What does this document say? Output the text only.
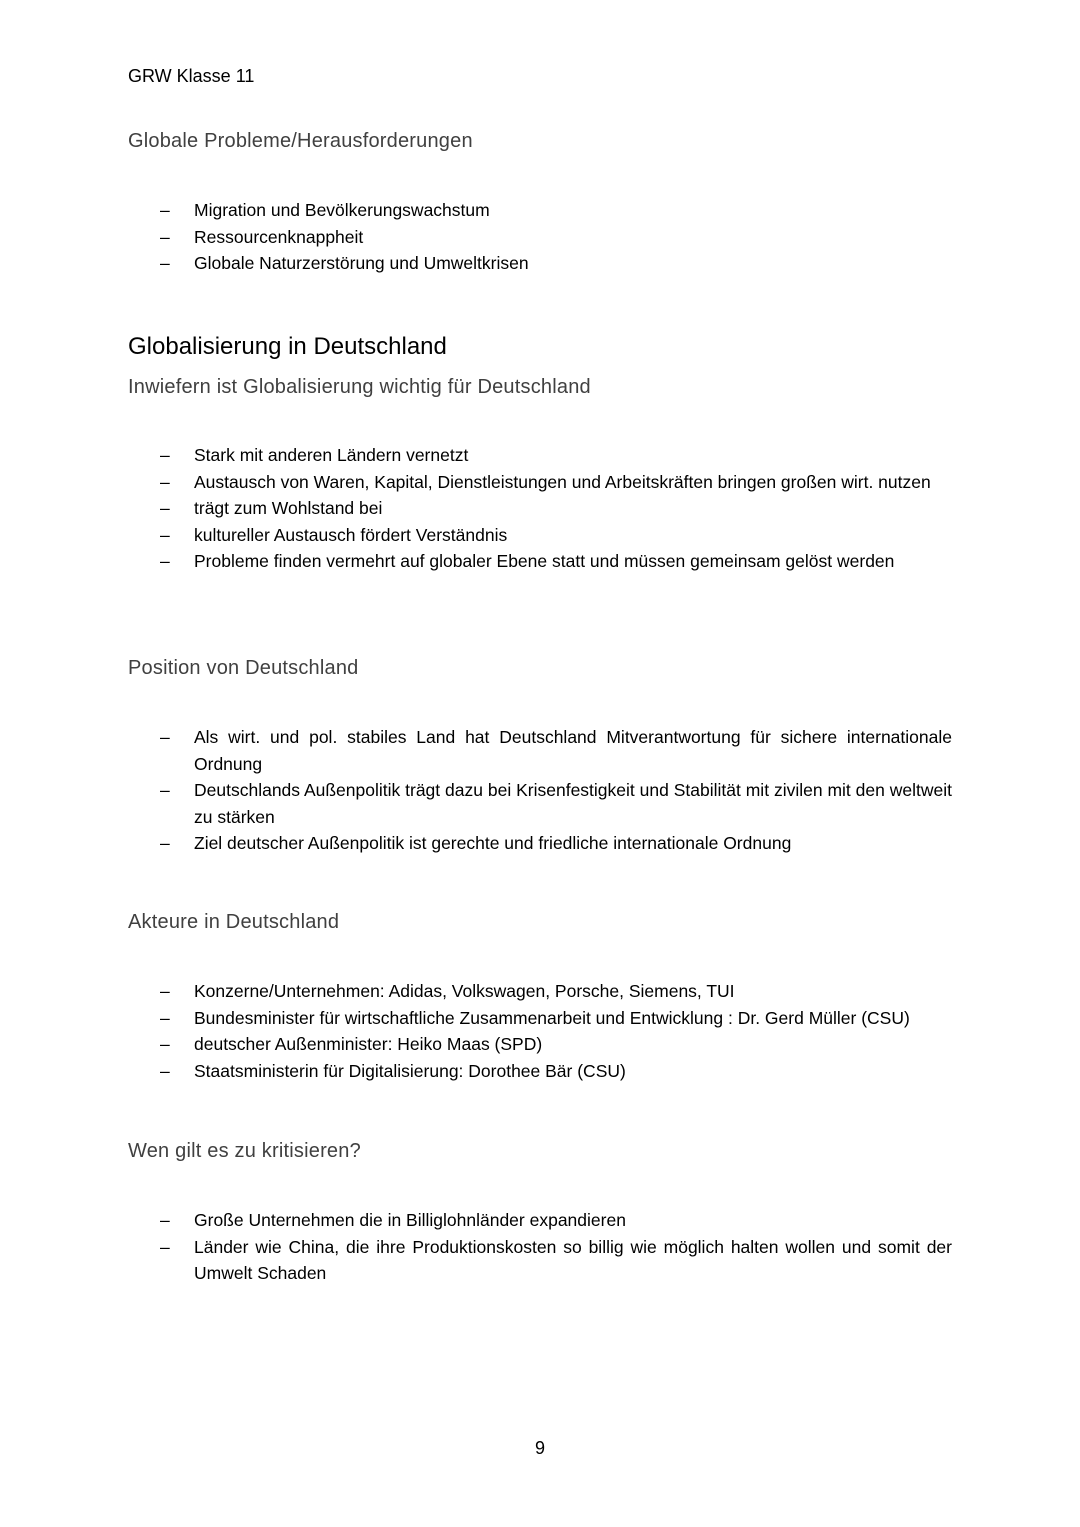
GRW Klasse 11
Globale Probleme/Herausforderungen
– Migration und Bevölkerungswachstum
– Ressourcenknappheit
– Globale Naturzerstörung und Umweltkrisen
Globalisierung in Deutschland
Inwiefern ist Globalisierung wichtig für Deutschland
– Stark mit anderen Ländern vernetzt
– Austausch von Waren, Kapital, Dienstleistungen und Arbeitskräften bringen großen wirt. nutzen
– trägt zum Wohlstand bei
– kultureller Austausch fördert Verständnis
– Probleme finden vermehrt auf globaler Ebene statt und müssen gemeinsam gelöst werden
Position von Deutschland
– Als wirt. und pol. stabiles Land hat Deutschland Mitverantwortung für sichere internationale Ordnung
– Deutschlands Außenpolitik trägt dazu bei Krisenfestigkeit und Stabilität mit zivilen mit den weltweit zu stärken
– Ziel deutscher Außenpolitik ist gerechte und friedliche internationale Ordnung
Akteure in Deutschland
– Konzerne/Unternehmen: Adidas, Volkswagen, Porsche, Siemens, TUI
– Bundesminister für wirtschaftliche Zusammenarbeit und Entwicklung : Dr. Gerd Müller (CSU)
– deutscher Außenminister: Heiko Maas (SPD)
– Staatsministerin für Digitalisierung: Dorothee Bär (CSU)
Wen gilt es zu kritisieren?
– Große Unternehmen die in Billiglohnländer expandieren
– Länder wie China, die ihre Produktionskosten so billig wie möglich halten wollen und somit der Umwelt Schaden
9
